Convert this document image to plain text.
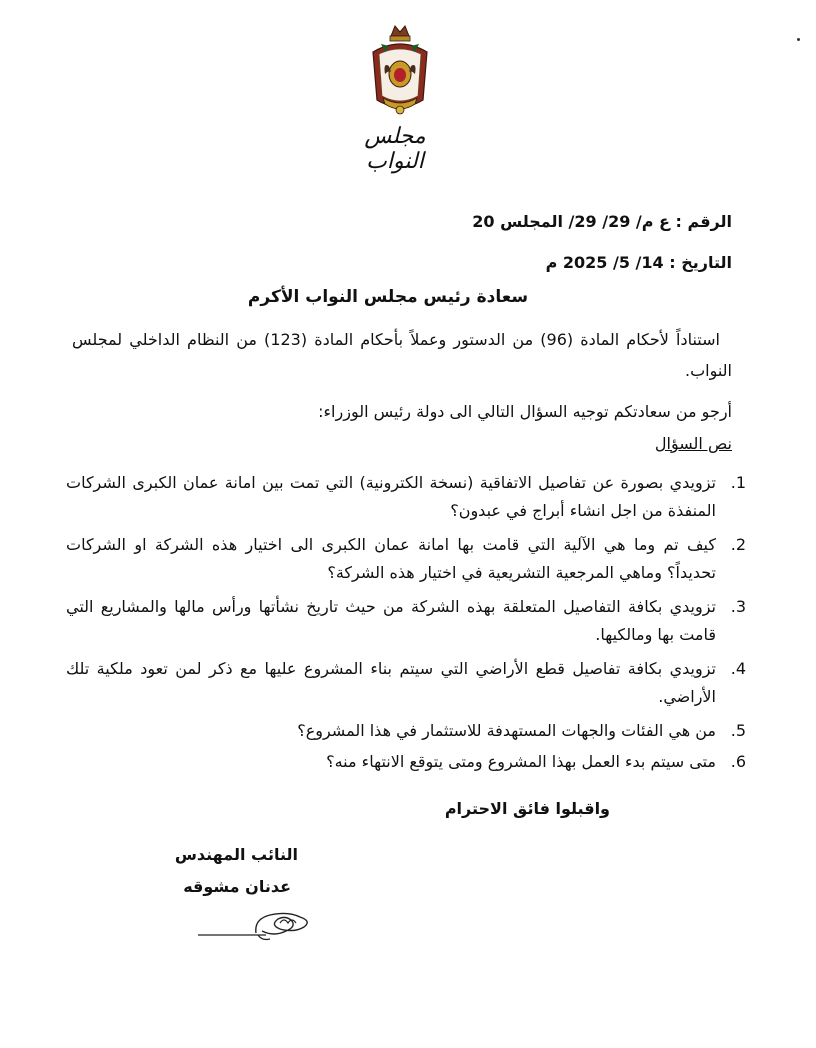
مجلس النواب
الرقم : ع م/ 29/ 29/ المجلس 20
التاريخ : 14/ 5/ 2025 م
سعادة رئيس مجلس النواب الأكرم
استناداً لأحكام المادة (96) من الدستور وعملاً بأحكام المادة (123) من النظام الداخلي لمجلس النواب.
أرجو من سعادتكم توجيه السؤال التالي الى دولة رئيس الوزراء:
نص السؤال
1.
تزويدي بصورة عن تفاصيل الاتفاقية (نسخة الكترونية) التي تمت بين امانة عمان الكبرى الشركات المنفذة من اجل انشاء أبراج في عبدون؟
2.
كيف تم وما هي الآلية التي قامت بها امانة عمان الكبرى الى اختيار هذه الشركة او الشركات تحديداً؟ وماهي المرجعية التشريعية في اختيار هذه الشركة؟
3.
تزويدي بكافة التفاصيل المتعلقة بهذه الشركة من حيث تاريخ نشأتها ورأس مالها والمشاريع التي قامت بها ومالكيها.
4.
تزويدي بكافة تفاصيل قطع الأراضي التي سيتم بناء المشروع عليها مع ذكر لمن تعود ملكية تلك الأراضي.
5.
من هي الفئات والجهات المستهدفة للاستثمار في هذا المشروع؟
6.
متى سيتم بدء العمل بهذا المشروع ومتى يتوقع الانتهاء منه؟
واقبلوا فائق الاحترام
النائب المهندس
عدنان مشوقه
